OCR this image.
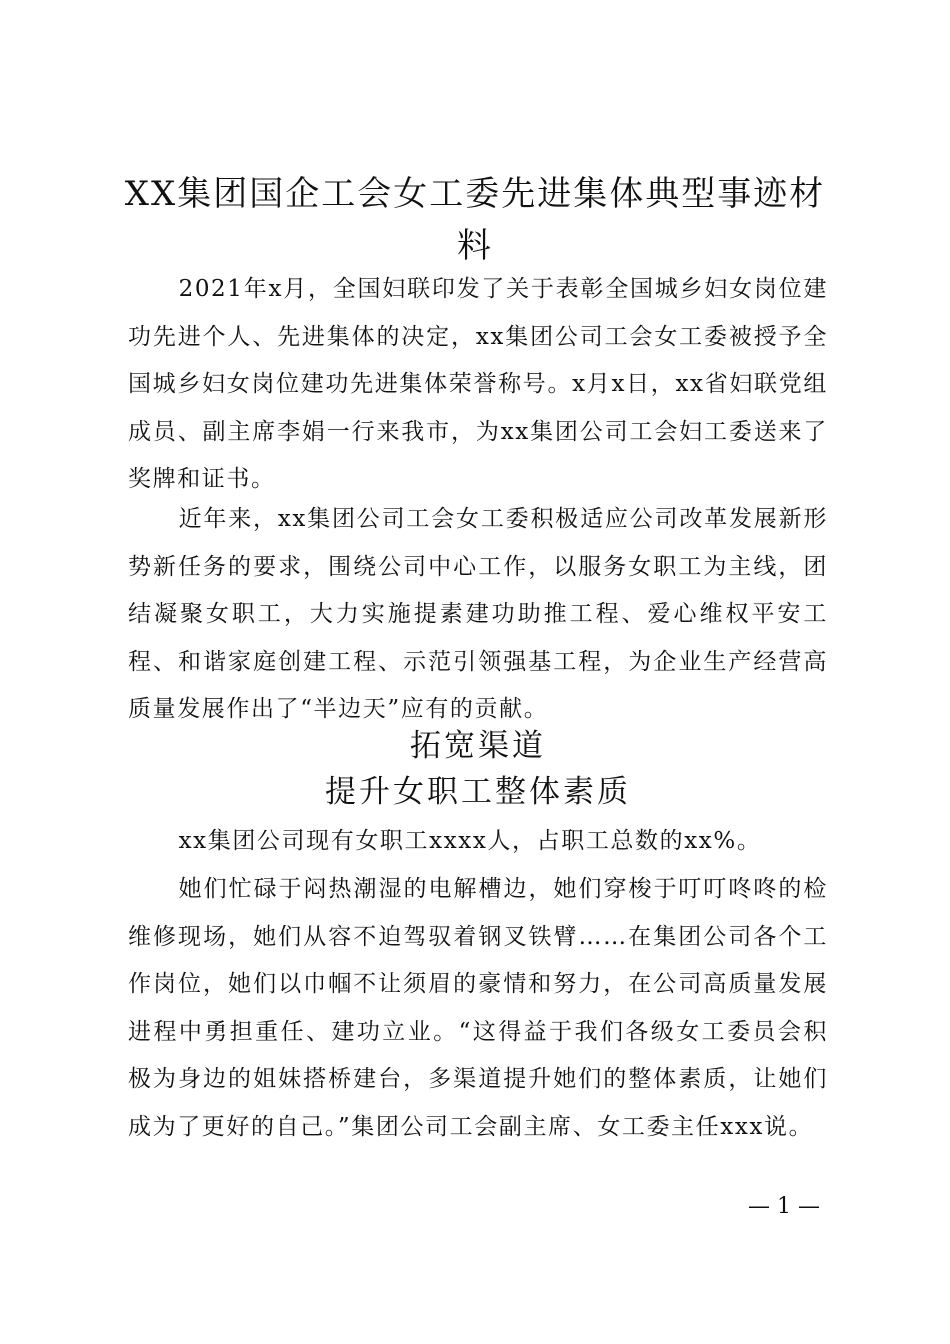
XX集团国企工会女工委先进集体典型事迹材料

2021年x月，全国妇联印发了关于表彰全国城乡妇女岗位建功先进个人、先进集体的决定，xx集团公司工会女工委被授予全国城乡妇女岗位建功先进集体荣誉称号。x月x日，xx省妇联党组成员、副主席李娟一行来我市，为xx集团公司工会妇工委送来了奖牌和证书。

近年来，xx集团公司工会女工委积极适应公司改革发展新形势新任务的要求，围绕公司中心工作，以服务女职工为主线，团结凝聚女职工，大力实施提素建功助推工程、爱心维权平安工程、和谐家庭创建工程、示范引领强基工程，为企业生产经营高质量发展作出了“半边天”应有的贡献。

拓宽渠道
提升女职工整体素质

xx集团公司现有女职工xxxx人，占职工总数的xx%。

她们忙碌于闷热潮湿的电解槽边，她们穿梭于叮叮咚咚的检维修现场，她们从容不迫驾驭着钢叉铁臂……在集团公司各个工作岗位，她们以巾帼不让须眉的豪情和努力，在公司高质量发展进程中勇担重任、建功立业。“这得益于我们各级女工委员会积极为身边的姐妹搭桥建台，多渠道提升她们的整体素质，让她们成为了更好的自己。”集团公司工会副主席、女工委主任xxx说。

— 1 —
